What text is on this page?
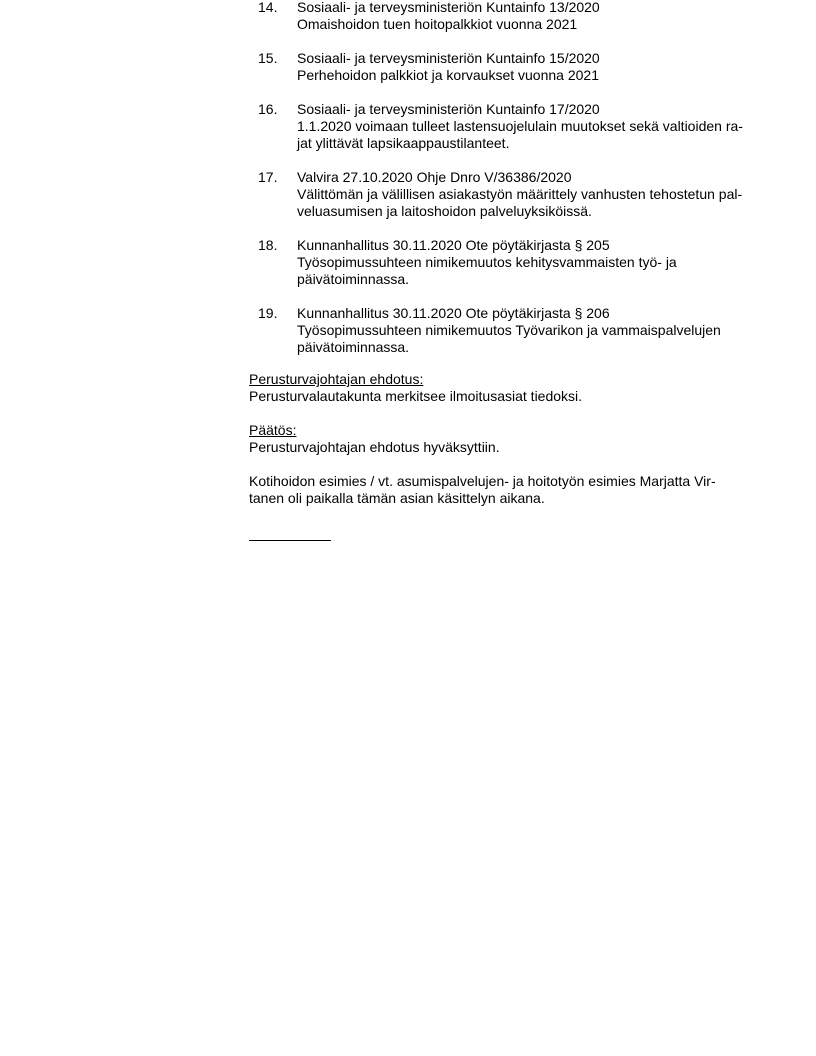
14. Sosiaali- ja terveysministeriön Kuntainfo 13/2020
Omaishoidon tuen hoitopalkkiot vuonna 2021
15. Sosiaali- ja terveysministeriön Kuntainfo 15/2020
Perhehoidon palkkiot ja korvaukset vuonna 2021
16. Sosiaali- ja terveysministeriön Kuntainfo 17/2020
1.1.2020 voimaan tulleet lastensuojelulain muutokset sekä valtioiden ra-
jat ylittävät lapsikaappaustilanteet.
17. Valvira 27.10.2020 Ohje Dnro V/36386/2020
Välittömän ja välillisen asiakastyön määrittely vanhusten tehostetun pal-
veluasumisen ja laitoshoidon palveluyksiköissä.
18. Kunnanhallitus 30.11.2020 Ote pöytäkirjasta § 205
Työsopimussuhteen nimikemuutos kehitysvammaisten työ- ja
päivätoiminnassa.
19. Kunnanhallitus 30.11.2020 Ote pöytäkirjasta § 206
Työsopimussuhteen nimikemuutos Työvarikon ja vammaispalvelujen
päivätoiminnassa.
Perusturvajohtajan ehdotus:
Perusturvalautakunta merkitsee ilmoitusasiat tiedoksi.
Päätös:
Perusturvajohtajan ehdotus hyväksyttiin.
Kotihoidon esimies / vt. asumispalvelujen- ja hoitotyön esimies Marjatta Vir-
tanen oli paikalla tämän asian käsittelyn aikana.
